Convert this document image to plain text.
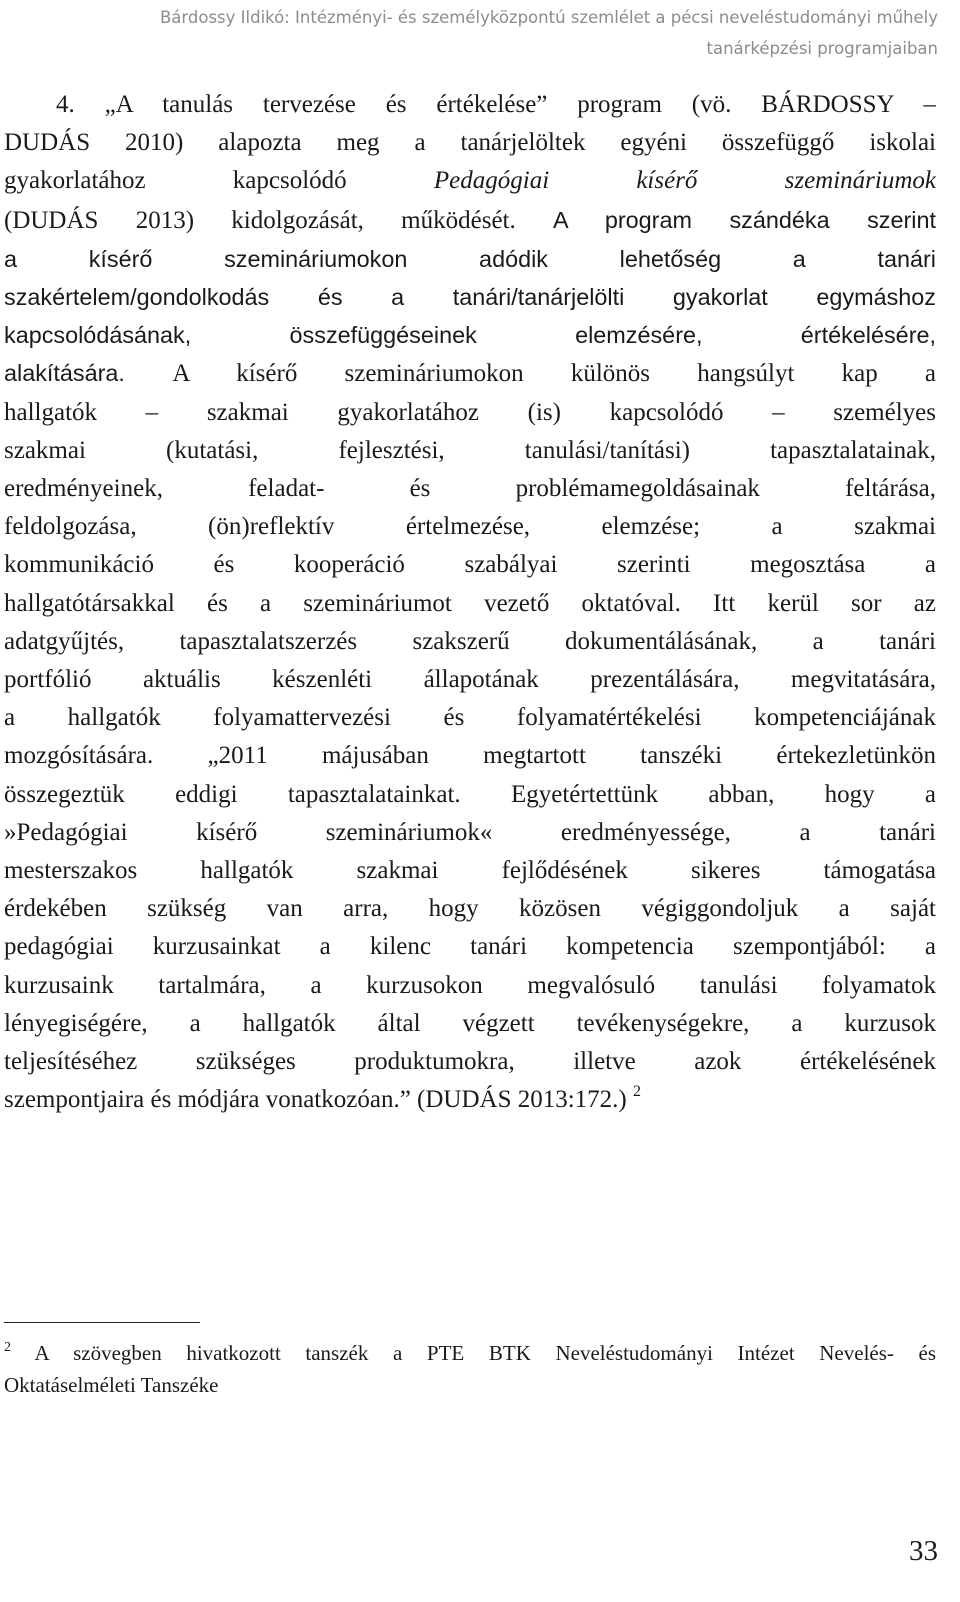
Bárdossy Ildikó: Intézményi- és személyközpontú szemlélet a pécsi neveléstudományi műhely
tanárképzési programjaiban
4. „A tanulás tervezése és értékelése” program (vö. BÁRDOSSY –
DUDÁS 2010) alapozta meg a tanárjelöltek egyéni összefüggő iskolai
gyakorlatához kapcsolódó Pedagógiai kísérő szemináriumok
(DUDÁS 2013) kidolgozását, működését. A program szándéka szerint
a kísérő szemináriumokon adódik lehetőség a tanári
szakértelem/gondolkodás és a tanári/tanárjelölti gyakorlat egymáshoz
kapcsolódásának, összefüggéseinek elemzésére, értékelésére,
alakítására. A kísérő szemináriumokon különös hangsúlyt kap a
hallgatók – szakmai gyakorlatához (is) kapcsolódó – személyes
szakmai (kutatási, fejlesztési, tanulási/tanítási) tapasztalatainak,
eredményeinek, feladat- és problémamegoldásainak feltárása,
feldolgozása, (ön)reflektív értelmezése, elemzése; a szakmai
kommunikáció és kooperáció szabályai szerinti megosztása a
hallgatótársakkal és a szemináriumot vezető oktatóval. Itt kerül sor az
adatgyűjtés, tapasztalatszerzés szakszerű dokumentálásának, a tanári
portfólió aktuális készenléti állapotának prezentálására, megvitatására,
a hallgatók folyamattervezési és folyamatértékelési kompetenciájának
mozgósítására. „2011 májusában megtartott tanszéki értekezletünkön
összegeztük eddigi tapasztalatainkat. Egyetértettünk abban, hogy a
»Pedagógiai kísérő szemináriumok« eredményessége, a tanári
mesterszakos hallgatók szakmai fejlődésének sikeres támogatása
érdekében szükség van arra, hogy közösen végiggondoljuk a saját
pedagógiai kurzusainkat a kilenc tanári kompetencia szempontjából: a
kurzusaink tartalmára, a kurzusokon megvalósuló tanulási folyamatok
lényegiségére, a hallgatók által végzett tevékenységekre, a kurzusok
teljesítéséhez szükséges produktumokra, illetve azok értékelésének
szempontjaira és módjára vonatkozóan.” (DUDÁS 2013:172.) $^2$
$^2$ A szövegben hivatkozott tanszék a PTE BTK Neveléstudományi Intézet Nevelés- és
Oktatáselméleti Tanszéke
33
